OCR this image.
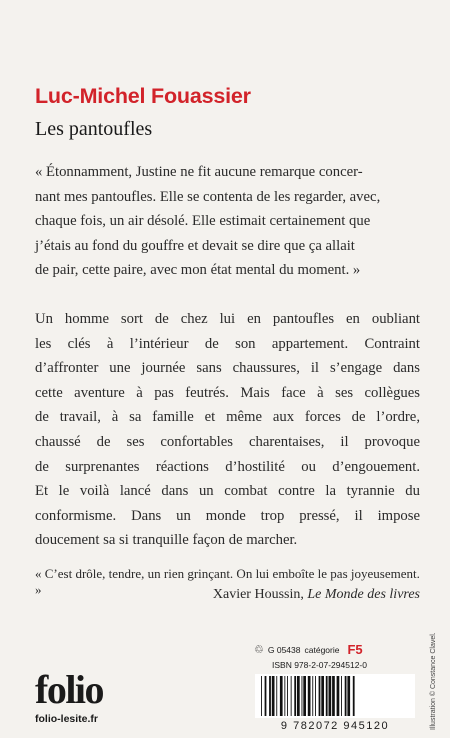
Luc-Michel Fouassier
Les pantoufles
« Étonnamment, Justine ne fit aucune remarque concer-
nant mes pantoufles. Elle se contenta de les regarder, avec,
chaque fois, un air désolé. Elle estimait certainement que
j’étais au fond du gouffre et devait se dire que ça allait
de pair, cette paire, avec mon état mental du moment. »
Un homme sort de chez lui en pantoufles en oubliant
les clés à l’intérieur de son appartement. Contraint
d’affronter une journée sans chaussures, il s’engage dans
cette aventure à pas feutrés. Mais face à ses collègues
de travail, à sa famille et même aux forces de l’ordre,
chaussé de ses confortables charentaises, il provoque
de surprenantes réactions d’hostilité ou d’engouement.
Et le voilà lancé dans un combat contre la tyrannie du
conformisme. Dans un monde trop pressé, il impose
doucement sa si tranquille façon de marcher.
« C’est drôle, tendre, un rien grinçant. On lui emboîte le pas joyeusement. »	Xavier Houssin, Le Monde des livres
♲ G 05438 catégorie F5
ISBN 978-2-07-294512-0
9 782072 945120
folio
folio-lesite.fr	Illustration © Constance Clavel.
